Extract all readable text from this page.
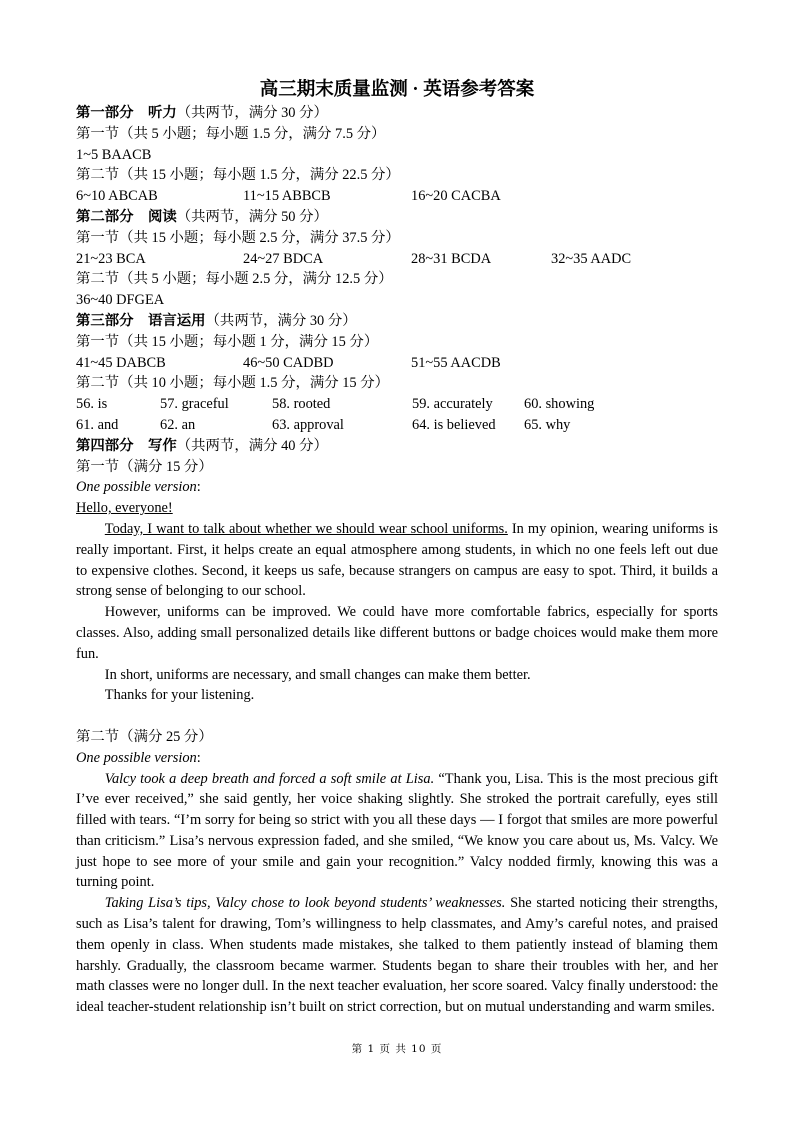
高三期末质量监测 · 英语参考答案
第一部分　听力（共两节，满分 30 分）
第一节（共 5 小题；每小题 1.5 分，满分 7.5 分）
1~5 BAACB
第二节（共 15 小题；每小题 1.5 分，满分 22.5 分）
6~10 ABCAB	11~15 ABBCB	16~20 CACBA
第二部分　阅读（共两节，满分 50 分）
第一节（共 15 小题；每小题 2.5 分，满分 37.5 分）
21~23 BCA	24~27 BDCA	28~31 BCDA	32~35 AADC
第二节（共 5 小题；每小题 2.5 分，满分 12.5 分）
36~40 DFGEA
第三部分　语言运用（共两节，满分 30 分）
第一节（共 15 小题；每小题 1 分，满分 15 分）
41~45 DABCB	46~50 CADBD	51~55 AACDB
第二节（共 10 小题；每小题 1.5 分，满分 15 分）
56. is	57. graceful	58. rooted	59. accurately	60. showing
61. and	62. an	63. approval	64. is believed	65. why
第四部分　写作（共两节，满分 40 分）
第一节（满分 15 分）
One possible version:
Hello, everyone!

Today, I want to talk about whether we should wear school uniforms. In my opinion, wearing uniforms is really important. First, it helps create an equal atmosphere among students, in which no one feels left out due to expensive clothes. Second, it keeps us safe, because strangers on campus are easy to spot. Third, it builds a strong sense of belonging to our school.

However, uniforms can be improved. We could have more comfortable fabrics, especially for sports classes. Also, adding small personalized details like different buttons or badge choices would make them more fun.

In short, uniforms are necessary, and small changes can make them better.

Thanks for your listening.

第二节（满分 25 分）
One possible version:

Valcy took a deep breath and forced a soft smile at Lisa. “Thank you, Lisa. This is the most precious gift I’ve ever received,” she said gently, her voice shaking slightly. She stroked the portrait carefully, eyes still filled with tears. “I’m sorry for being so strict with you all these days — I forgot that smiles are more powerful than criticism.” Lisa’s nervous expression faded, and she smiled, “We know you care about us, Ms. Valcy. We just hope to see more of your smile and gain your recognition.” Valcy nodded firmly, knowing this was a turning point.

Taking Lisa’s tips, Valcy chose to look beyond students’ weaknesses. She started noticing their strengths, such as Lisa’s talent for drawing, Tom’s willingness to help classmates, and Amy’s careful notes, and praised them openly in class. When students made mistakes, she talked to them patiently instead of blaming them harshly. Gradually, the classroom became warmer. Students began to share their troubles with her, and her math classes were no longer dull. In the next teacher evaluation, her score soared. Valcy finally understood: the ideal teacher-student relationship isn’t built on strict correction, but on mutual understanding and warm smiles.

第 1 页 共 10 页
